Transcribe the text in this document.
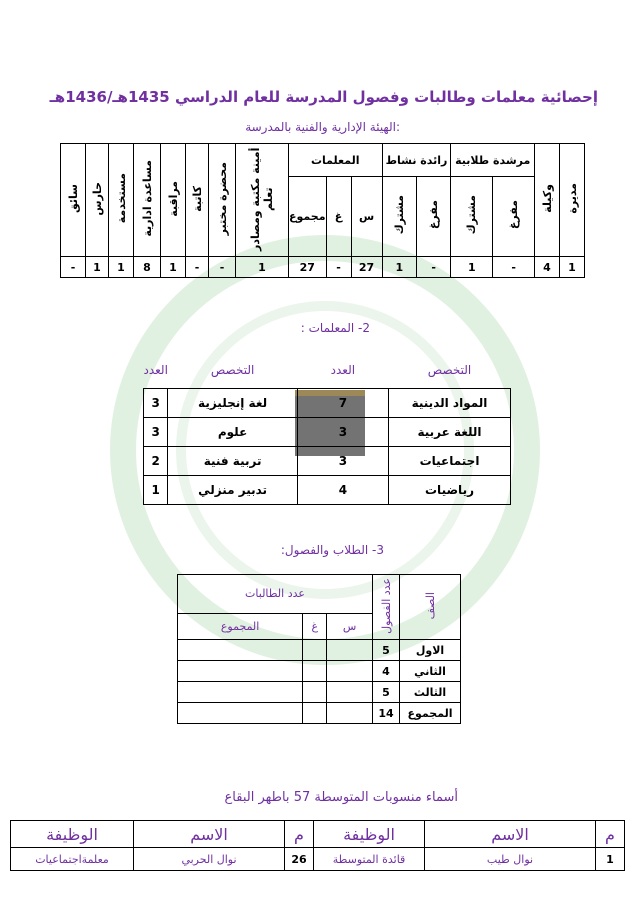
إحصائية معلمات وطالبات وفصول المدرسة للعام الدراسي 1435هـ/1436هـ
:الهيئة الإدارية والفنية بالمدرسة
مديرة	وكيلة	مرشدة طلابية		رائدة نشاط		المعلمات			أمينة مكتبة ومصادر تعلم	محضرة مختبر	كاتبة	مراقبة	مساعدة ادارية	مستخدمة	حارس	سائق
		مفرغ	مشترك	مفرغ	مشترك	س	غ	مجموع								

1	4	-	1	-	1	27	-	27	1	-	-	1	8	1	1	-
2- المعلمات :
التخصص	العدد	التخصص	العدد
المواد الدينية	7	لغة إنجليزية	3
اللغة عربية	3	علوم	3
اجتماعيات	3	تربية فنية	2
رياضيات	4	تدبير منزلي	1
3- الطلاب والفصول:
الصف	عدد الفصول	عدد الطالبات		
		س	غ	المجموع
الاول	5			
الثاني	4			
الثالث	5			
المجموع	14			
أسماء منسوبات المتوسطة 57 باطهر البقاع
م	الاسم	الوظيفة	م	الاسم	الوظيفة
1	نوال طيب	قائدة المتوسطة	26	نوال الحربي	معلمةاجتماعيات
